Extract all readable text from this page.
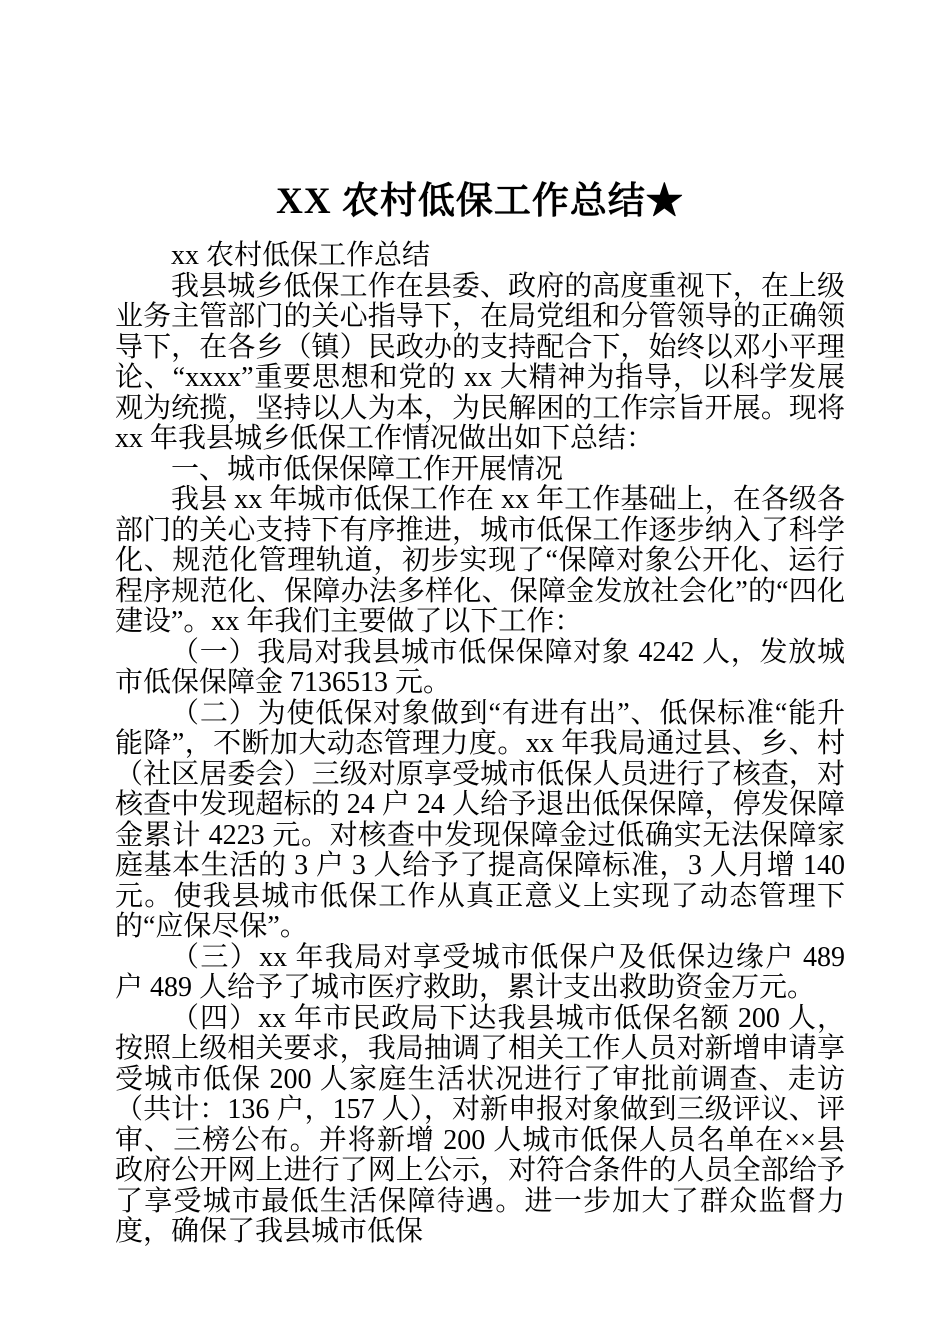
XX 农村低保工作总结★

xx 农村低保工作总结

我县城乡低保工作在县委、政府的高度重视下，在上级业务主管部门的关心指导下，在局党组和分管领导的正确领导下，在各乡（镇）民政办的支持配合下，始终以邓小平理论、“xxxx”重要思想和党的 xx 大精神为指导，以科学发展观为统揽，坚持以人为本，为民解困的工作宗旨开展。现将 xx 年我县城乡低保工作情况做出如下总结：

一、城市低保保障工作开展情况

我县 xx 年城市低保工作在 xx 年工作基础上，在各级各部门的关心支持下有序推进，城市低保工作逐步纳入了科学化、规范化管理轨道，初步实现了“保障对象公开化、运行程序规范化、保障办法多样化、保障金发放社会化”的“四化建设”。xx 年我们主要做了以下工作：

（一）我局对我县城市低保保障对象 4242 人，发放城市低保保障金 7136513 元。

（二）为使低保对象做到“有进有出”、低保标准“能升能降”，不断加大动态管理力度。xx 年我局通过县、乡、村（社区居委会）三级对原享受城市低保人员进行了核查，对核查中发现超标的 24 户 24 人给予退出低保保障，停发保障金累计 4223 元。对核查中发现保障金过低确实无法保障家庭基本生活的 3 户 3 人给予了提高保障标准，3 人月增 140 元。使我县城市低保工作从真正意义上实现了动态管理下的“应保尽保”。

（三）xx 年我局对享受城市低保户及低保边缘户 489 户 489 人给予了城市医疗救助，累计支出救助资金万元。

（四）xx 年市民政局下达我县城市低保名额 200 人，按照上级相关要求，我局抽调了相关工作人员对新增申请享受城市低保 200 人家庭生活状况进行了审批前调查、走访（共计：136 户，157 人），对新申报对象做到三级评议、评审、三榜公布。并将新增 200 人城市低保人员名单在××县政府公开网上进行了网上公示，对符合条件的人员全部给予了享受城市最低生活保障待遇。进一步加大了群众监督力度，确保了我县城市低保
